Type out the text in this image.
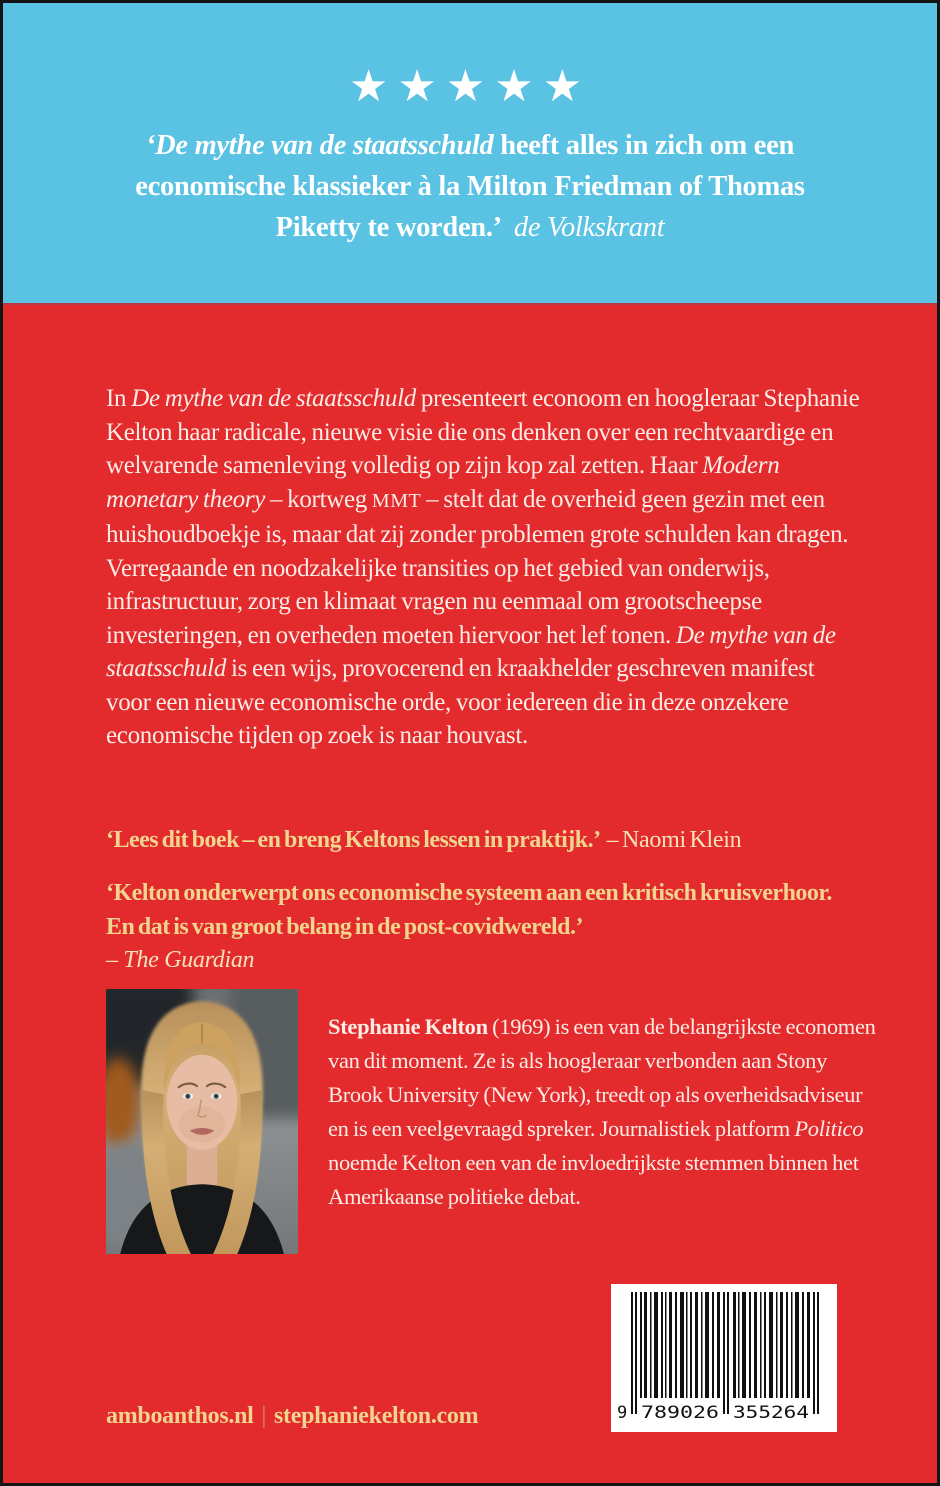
★★★★★

‘De mythe van de staatsschuld heeft alles in zich om een economische klassieker à la Milton Friedman of Thomas Piketty te worden.’ de Volkskrant

In De mythe van de staatsschuld presenteert econoom en hoogleraar Stephanie Kelton haar radicale, nieuwe visie die ons denken over een rechtvaardige en welvarende samenleving volledig op zijn kop zal zetten. Haar Modern monetary theory – kortweg MMT – stelt dat de overheid geen gezin met een huishoudboekje is, maar dat zij zonder problemen grote schulden kan dragen. Verregaande en noodzakelijke transities op het gebied van onderwijs, infrastructuur, zorg en klimaat vragen nu eenmaal om grootscheepse investeringen, en overheden moeten hiervoor het lef tonen. De mythe van de staatsschuld is een wijs, provocerend en kraakhelder geschreven manifest voor een nieuwe economische orde, voor iedereen die in deze onzekere economische tijden op zoek is naar houvast.

‘Lees dit boek – en breng Keltons lessen in praktijk.’ – Naomi Klein

‘Kelton onderwerpt ons economische systeem aan een kritisch kruisverhoor. En dat is van groot belang in de post-covidwereld.’
– The Guardian

Stephanie Kelton (1969) is een van de belangrijkste economen van dit moment. Ze is als hoogleraar verbonden aan Stony Brook University (New York), treedt op als overheidsadviseur en is een veelgevraagd spreker. Journalistiek platform Politico noemde Kelton een van de invloedrijkste stemmen binnen het Amerikaanse politieke debat.

9 789026 355264
amboanthos.nl | stephaniekelton.com
